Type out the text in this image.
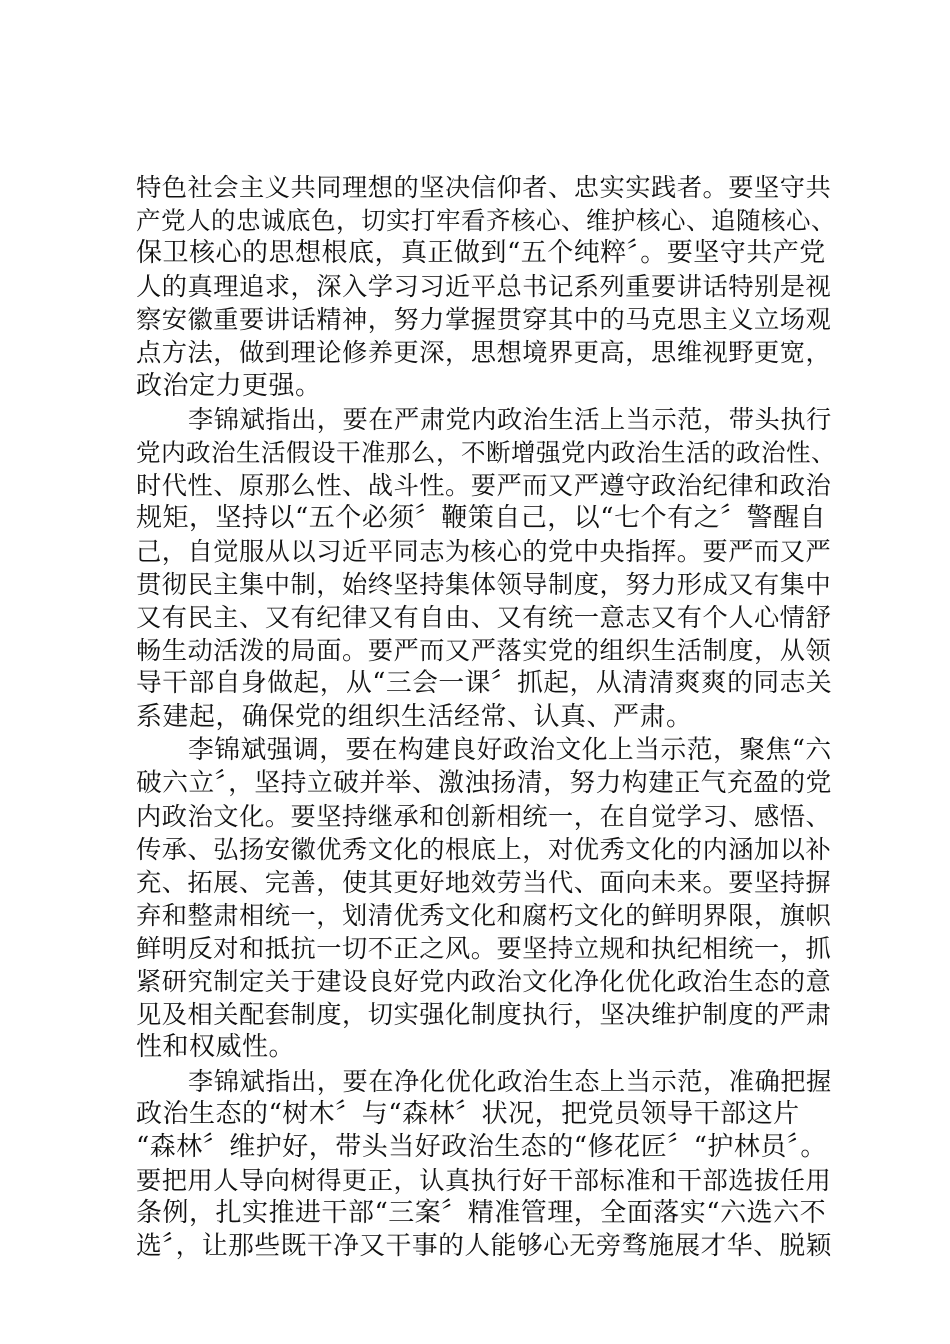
特色社会主义共同理想的坚决信仰者、忠实实践者。要坚守共
产党人的忠诚底色，切实打牢看齐核心、维护核心、追随核心、
保卫核心的思想根底，真正做到“五个纯粹〞。要坚守共产党
人的真理追求，深入学习习近平总书记系列重要讲话特别是视
察安徽重要讲话精神，努力掌握贯穿其中的马克思主义立场观
点方法，做到理论修养更深，思想境界更高，思维视野更宽，
政治定力更强。
李锦斌指出，要在严肃党内政治生活上当示范，带头执行
党内政治生活假设干准那么，不断增强党内政治生活的政治性、
时代性、原那么性、战斗性。要严而又严遵守政治纪律和政治
规矩，坚持以“五个必须〞鞭策自己，以“七个有之〞警醒自
己，自觉服从以习近平同志为核心的党中央指挥。要严而又严
贯彻民主集中制，始终坚持集体领导制度，努力形成又有集中
又有民主、又有纪律又有自由、又有统一意志又有个人心情舒
畅生动活泼的局面。要严而又严落实党的组织生活制度，从领
导干部自身做起，从“三会一课〞抓起，从清清爽爽的同志关
系建起，确保党的组织生活经常、认真、严肃。
李锦斌强调，要在构建良好政治文化上当示范，聚焦“六
破六立〞，坚持立破并举、激浊扬清，努力构建正气充盈的党
内政治文化。要坚持继承和创新相统一，在自觉学习、感悟、
传承、弘扬安徽优秀文化的根底上，对优秀文化的内涵加以补
充、拓展、完善，使其更好地效劳当代、面向未来。要坚持摒
弃和整肃相统一，划清优秀文化和腐朽文化的鲜明界限，旗帜
鲜明反对和抵抗一切不正之风。要坚持立规和执纪相统一，抓
紧研究制定关于建设良好党内政治文化净化优化政治生态的意
见及相关配套制度，切实强化制度执行，坚决维护制度的严肃
性和权威性。
李锦斌指出，要在净化优化政治生态上当示范，准确把握
政治生态的“树木〞与“森林〞状况，把党员领导干部这片
“森林〞维护好，带头当好政治生态的“修花匠〞“护林员〞。
要把用人导向树得更正，认真执行好干部标准和干部选拔任用
条例，扎实推进干部“三案〞精准管理，全面落实“六选六不
选〞，让那些既干净又干事的人能够心无旁骛施展才华、脱颖
